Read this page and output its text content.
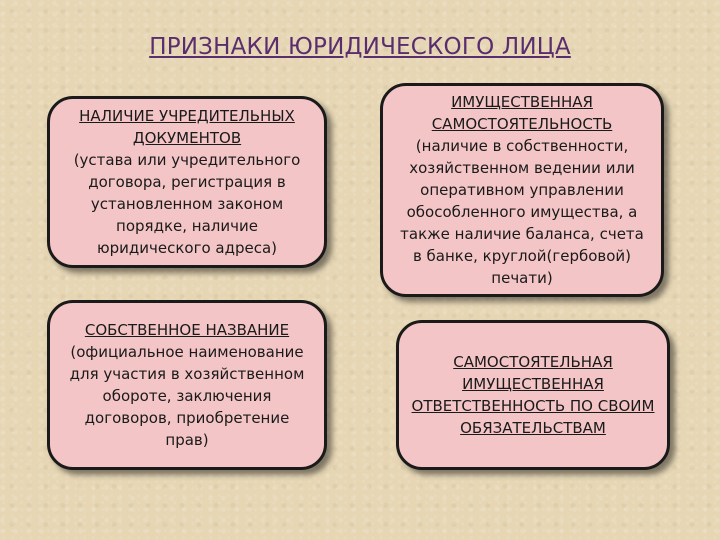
ПРИЗНАКИ ЮРИДИЧЕСКОГО ЛИЦА
НАЛИЧИЕ УЧРЕДИТЕЛЬНЫХ ДОКУМЕНТОВ
(устава или учредительного договора, регистрация в установленном законом порядке, наличие юридического адреса)
ИМУЩЕСТВЕННАЯ САМОСТОЯТЕЛЬНОСТЬ
(наличие в собственности, хозяйственном ведении или оперативном управлении обособленного имущества, а также наличие баланса, счета в банке, круглой(гербовой) печати)
СОБСТВЕННОЕ НАЗВАНИЕ
(официальное наименование для участия в хозяйственном обороте, заключения договоров, приобретение прав)
САМОСТОЯТЕЛЬНАЯ ИМУЩЕСТВЕННАЯ ОТВЕТСТВЕННОСТЬ ПО СВОИМ ОБЯЗАТЕЛЬСТВАМ
